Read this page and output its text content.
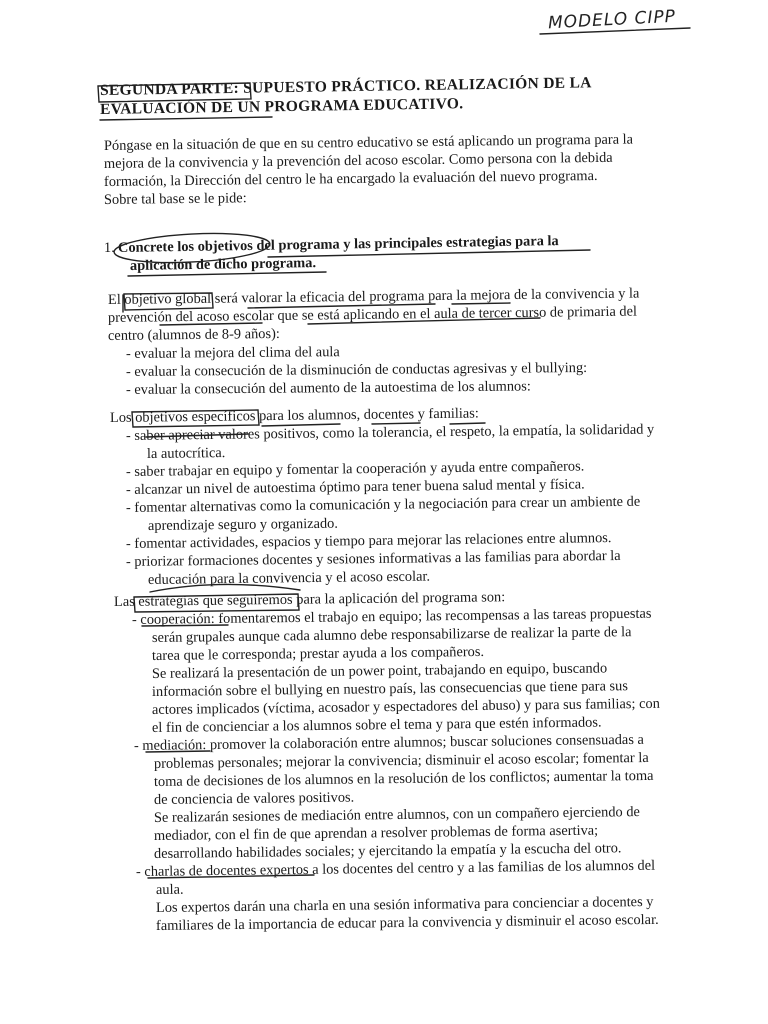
MODELO CIPP
SEGUNDA PARTE: SUPUESTO PRÁCTICO. REALIZACIÓN DE LA
EVALUACIÓN DE UN PROGRAMA EDUCATIVO.
Póngase en la situación de que en su centro educativo se está aplicando un programa para la
mejora de la convivencia y la prevención del acoso escolar. Como persona con la debida
formación, la Dirección del centro le ha encargado la evaluación del nuevo programa.
Sobre tal base se le pide:
1. Concrete los objetivos del programa y las principales estrategias para la
aplicación de dicho programa.
El objetivo global será valorar la eficacia del programa para la mejora de la convivencia y la
prevención del acoso escolar que se está aplicando en el aula de tercer curso de primaria del
centro (alumnos de 8-9 años):
- evaluar la mejora del clima del aula
- evaluar la consecución de la disminución de conductas agresivas y el bullying:
- evaluar la consecución del aumento de la autoestima de los alumnos:
Los objetivos específicos para los alumnos, docentes y familias:
- saber apreciar valores positivos, como la tolerancia, el respeto, la empatía, la solidaridad y
la autocrítica.
- saber trabajar en equipo y fomentar la cooperación y ayuda entre compañeros.
- alcanzar un nivel de autoestima óptimo para tener buena salud mental y física.
- fomentar alternativas como la comunicación y la negociación para crear un ambiente de
aprendizaje seguro y organizado.
- fomentar actividades, espacios y tiempo para mejorar las relaciones entre alumnos.
- priorizar formaciones docentes y sesiones informativas a las familias para abordar la
educación para la convivencia y el acoso escolar.
Las estrategias que seguiremos para la aplicación del programa son:
- cooperación: fomentaremos el trabajo en equipo; las recompensas a las tareas propuestas
serán grupales aunque cada alumno debe responsabilizarse de realizar la parte de la
tarea que le corresponda; prestar ayuda a los compañeros.
Se realizará la presentación de un power point, trabajando en equipo, buscando
información sobre el bullying en nuestro país, las consecuencias que tiene para sus
actores implicados (víctima, acosador y espectadores del abuso) y para sus familias; con
el fin de concienciar a los alumnos sobre el tema y para que estén informados.
- mediación: promover la colaboración entre alumnos; buscar soluciones consensuadas a
problemas personales; mejorar la convivencia; disminuir el acoso escolar; fomentar la
toma de decisiones de los alumnos en la resolución de los conflictos; aumentar la toma
de conciencia de valores positivos.
Se realizarán sesiones de mediación entre alumnos, con un compañero ejerciendo de
mediador, con el fin de que aprendan a resolver problemas de forma asertiva;
desarrollando habilidades sociales; y ejercitando la empatía y la escucha del otro.
- charlas de docentes expertos a los docentes del centro y a las familias de los alumnos del
aula.
Los expertos darán una charla en una sesión informativa para concienciar a docentes y
familiares de la importancia de educar para la convivencia y disminuir el acoso escolar.
